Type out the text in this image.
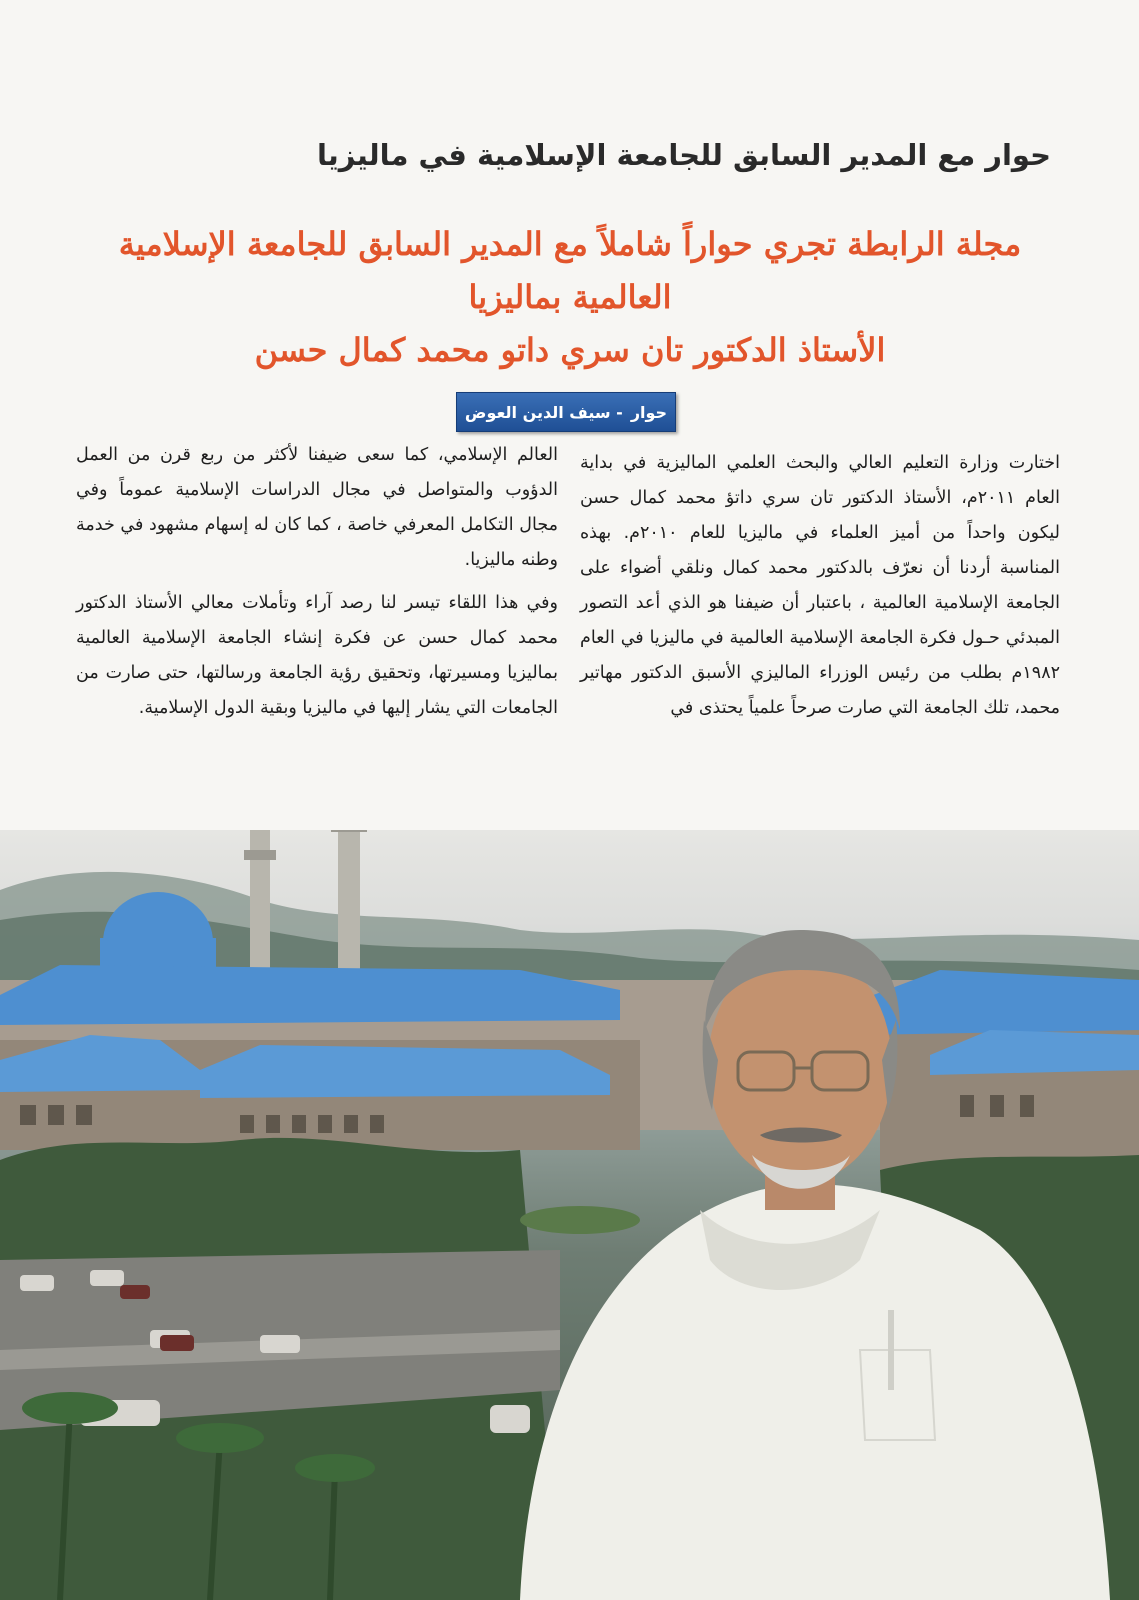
حوار مع المدير السابق للجامعة الإسلامية في ماليزيا
مجلة الرابطة تجري حواراً شاملاً مع المدير السابق للجامعة الإسلامية العالمية بماليزيا
الأستاذ الدكتور تان سري داتو محمد كمال حسن
حوار
- سيف الدين العوض

اختارت وزارة التعليم العالي والبحث العلمي الماليزية في بداية العام ٢٠١١م، الأستاذ الدكتور تان سري داتؤ محمد كمال حسن ليكون واحداً من أميز العلماء في ماليزيا للعام ٢٠١٠م. بهذه المناسبة أردنا أن نعرّف بالدكتور محمد كمال ونلقي أضواء على الجامعة الإسلامية العالمية ، باعتبار أن ضيفنا هو الذي أعد التصور المبدئي حـول فكرة الجامعة الإسلامية العالمية في ماليزيا في العام ١٩٨٢م بطلب من رئيس الوزراء الماليزي الأسبق الدكتور مهاتير محمد، تلك الجامعة التي صارت صرحاً علمياً يحتذى في

العالم الإسلامي، كما سعى ضيفنا لأكثر من ربع قرن من العمل الدؤوب والمتواصل في مجال الدراسات الإسلامية عموماً وفي مجال التكامل المعرفي خاصة ، كما كان له إسهام مشهود في خدمة وطنه ماليزيا.

وفي هذا اللقاء تيسر لنا رصد آراء وتأملات معالي الأستاذ الدكتور محمد كمال حسن عن فكرة إنشاء الجامعة الإسلامية العالمية بماليزيا ومسيرتها، وتحقيق رؤية الجامعة ورسالتها، حتى صارت من الجامعات التي يشار إليها في ماليزيا وبقية الدول الإسلامية.
